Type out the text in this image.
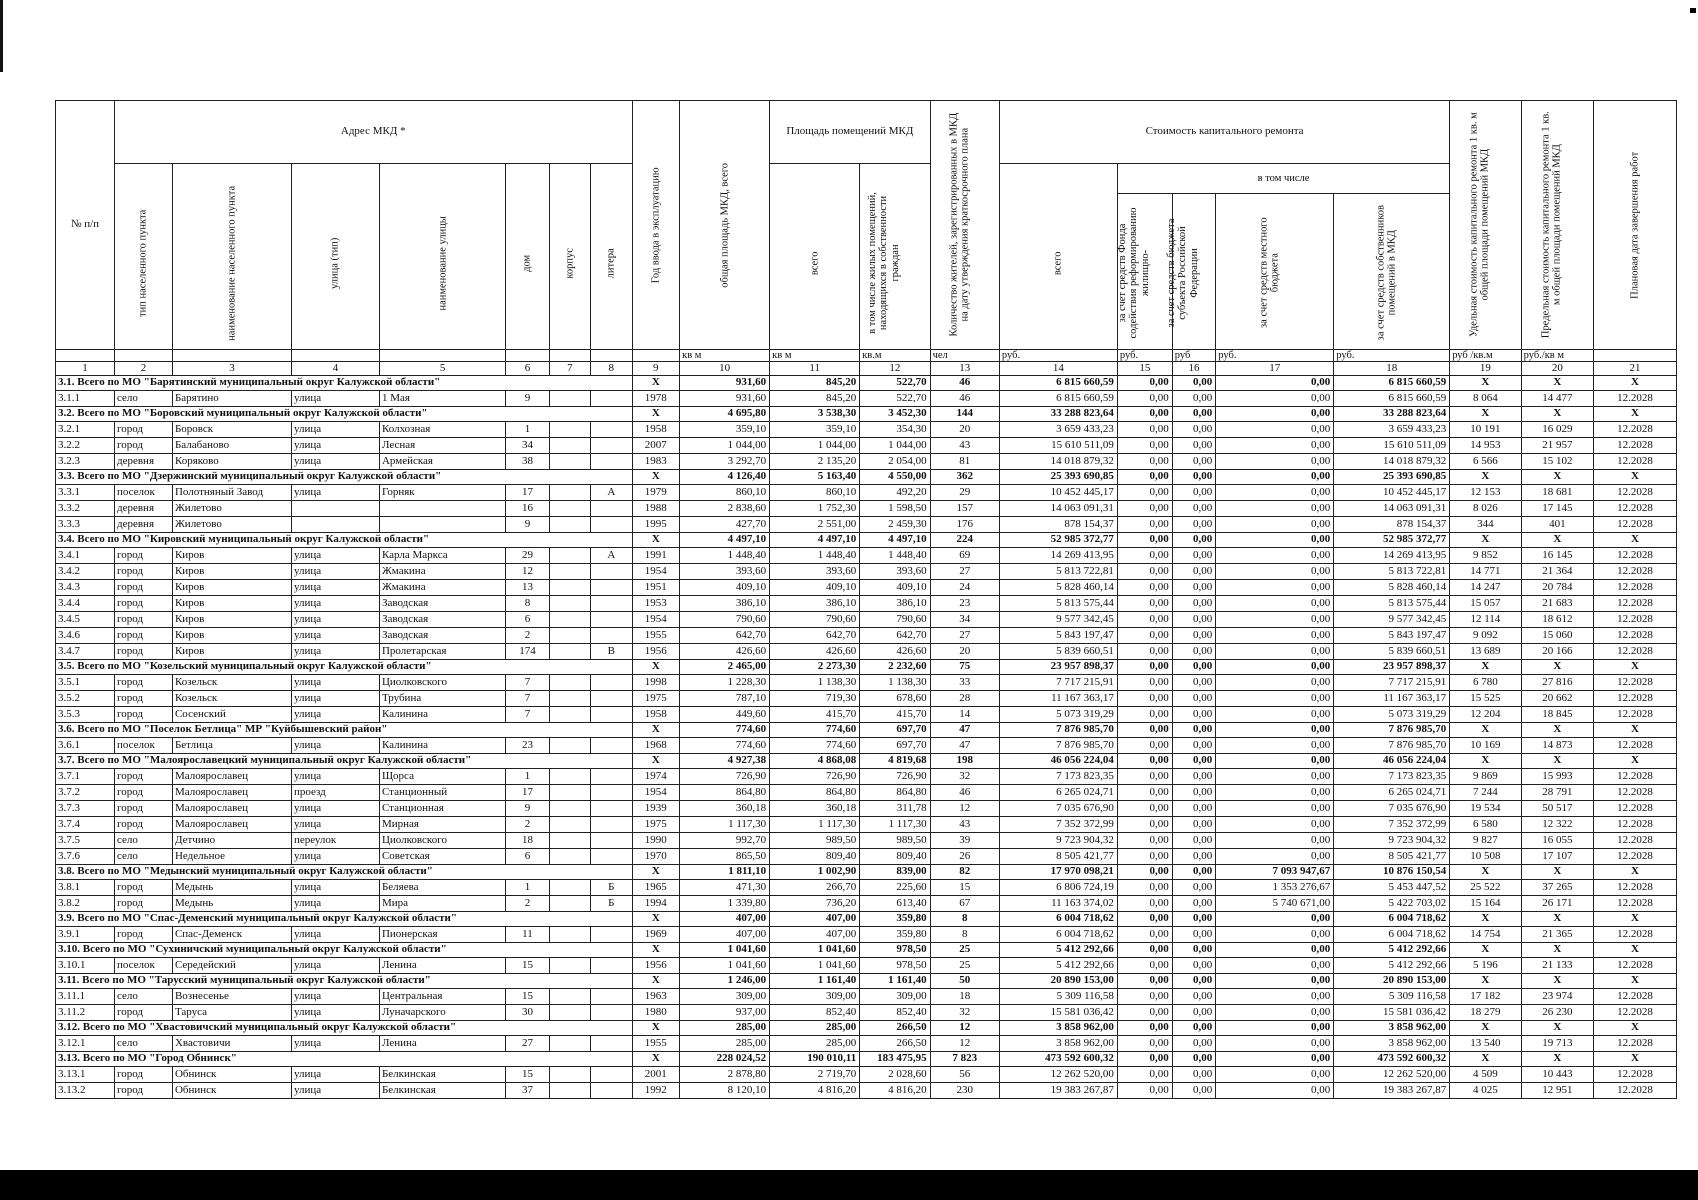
№ п/п	Адрес МКД *							Год ввода в эксплуатацию	общая площадь МКД, всего	Площадь помещений МКД		Количество жителей, зарегистрированных в МКД на дату утверждения краткосрочного плана	Стоимость капитального ремонта					Удельная стоимость капитального ремонта 1 кв. м общей площади помещений МКД	Предельная стоимость капитального ремонта 1 кв. м общей площади помещений МКД	Плановая дата завершения работ

	тип населенного пункта	наименование населенного пункта	улица (тип)	наименование улицы	дом	корпус	литера			всего	в том числе жилых помещений, находящихся в собственности граждан		всего	в том числе						

														за счет средств Фонда содействия реформированию жилищно-	за счет средств бюджета субъекта Российской Федерации	за счет средств местного бюджета	за счет средств собственников помещений в МКД			

									кв м	кв м	кв.м	чел	руб.	руб.	руб	руб.	руб.	руб /кв.м	руб./кв м	
1	2	3	4	5	6	7	8	9	10	11	12	13	14	15	16	17	18	19	20	21
3.1. Всего по МО "Барятинский муниципальный округ Калужской области"								X	931,60	845,20	522,70	46	6 815 660,59	0,00	0,00	0,00	6 815 660,59	X	X	X
3.1.1	село	Барятино	улица	1 Мая	9			1978	931,60	845,20	522,70	46	6 815 660,59	0,00	0,00	0,00	6 815 660,59	8 064	14 477	12.2028
3.2. Всего по МО "Боровский муниципальный округ Калужской области"								X	4 695,80	3 538,30	3 452,30	144	33 288 823,64	0,00	0,00	0,00	33 288 823,64	X	X	X
3.2.1	город	Боровск	улица	Колхозная	1			1958	359,10	359,10	354,30	20	3 659 433,23	0,00	0,00	0,00	3 659 433,23	10 191	16 029	12.2028
3.2.2	город	Балабаново	улица	Лесная	34			2007	1 044,00	1 044,00	1 044,00	43	15 610 511,09	0,00	0,00	0,00	15 610 511,09	14 953	21 957	12.2028
3.2.3	деревня	Коряково	улица	Армейская	38			1983	3 292,70	2 135,20	2 054,00	81	14 018 879,32	0,00	0,00	0,00	14 018 879,32	6 566	15 102	12.2028
3.3. Всего по МО "Дзержинский муниципальный округ Калужской области"								X	4 126,40	5 163,40	4 550,00	362	25 393 690,85	0,00	0,00	0,00	25 393 690,85	X	X	X
3.3.1	поселок	Полотняный Завод	улица	Горняк	17		А	1979	860,10	860,10	492,20	29	10 452 445,17	0,00	0,00	0,00	10 452 445,17	12 153	18 681	12.2028
3.3.2	деревня	Жилетово			16			1988	2 838,60	1 752,30	1 598,50	157	14 063 091,31	0,00	0,00	0,00	14 063 091,31	8 026	17 145	12.2028
3.3.3	деревня	Жилетово			9			1995	427,70	2 551,00	2 459,30	176	878 154,37	0,00	0,00	0,00	878 154,37	344	401	12.2028
3.4. Всего по МО "Кировский муниципальный округ Калужской области"								X	4 497,10	4 497,10	4 497,10	224	52 985 372,77	0,00	0,00	0,00	52 985 372,77	X	X	X
3.4.1	город	Киров	улица	Карла Маркса	29		А	1991	1 448,40	1 448,40	1 448,40	69	14 269 413,95	0,00	0,00	0,00	14 269 413,95	9 852	16 145	12.2028
3.4.2	город	Киров	улица	Жмакина	12			1954	393,60	393,60	393,60	27	5 813 722,81	0,00	0,00	0,00	5 813 722,81	14 771	21 364	12.2028
3.4.3	город	Киров	улица	Жмакина	13			1951	409,10	409,10	409,10	24	5 828 460,14	0,00	0,00	0,00	5 828 460,14	14 247	20 784	12.2028
3.4.4	город	Киров	улица	Заводская	8			1953	386,10	386,10	386,10	23	5 813 575,44	0,00	0,00	0,00	5 813 575,44	15 057	21 683	12.2028
3.4.5	город	Киров	улица	Заводская	6			1954	790,60	790,60	790,60	34	9 577 342,45	0,00	0,00	0,00	9 577 342,45	12 114	18 612	12.2028
3.4.6	город	Киров	улица	Заводская	2			1955	642,70	642,70	642,70	27	5 843 197,47	0,00	0,00	0,00	5 843 197,47	9 092	15 060	12.2028
3.4.7	город	Киров	улица	Пролетарская	174		В	1956	426,60	426,60	426,60	20	5 839 660,51	0,00	0,00	0,00	5 839 660,51	13 689	20 166	12.2028
3.5. Всего по МО "Козельский муниципальный округ Калужской области"								X	2 465,00	2 273,30	2 232,60	75	23 957 898,37	0,00	0,00	0,00	23 957 898,37	X	X	X
3.5.1	город	Козельск	улица	Циолковского	7			1998	1 228,30	1 138,30	1 138,30	33	7 717 215,91	0,00	0,00	0,00	7 717 215,91	6 780	27 816	12.2028
3.5.2	город	Козельск	улица	Трубина	7			1975	787,10	719,30	678,60	28	11 167 363,17	0,00	0,00	0,00	11 167 363,17	15 525	20 662	12.2028
3.5.3	город	Сосенский	улица	Калинина	7			1958	449,60	415,70	415,70	14	5 073 319,29	0,00	0,00	0,00	5 073 319,29	12 204	18 845	12.2028
3.6. Всего по МО "Поселок Бетлица" МР "Куйбышевский район"								X	774,60	774,60	697,70	47	7 876 985,70	0,00	0,00	0,00	7 876 985,70	X	X	X
3.6.1	поселок	Бетлица	улица	Калинина	23			1968	774,60	774,60	697,70	47	7 876 985,70	0,00	0,00	0,00	7 876 985,70	10 169	14 873	12.2028
3.7. Всего по МО "Малоярославецкий муниципальный округ Калужской области"								X	4 927,38	4 868,08	4 819,68	198	46 056 224,04	0,00	0,00	0,00	46 056 224,04	X	X	X
3.7.1	город	Малоярославец	улица	Щорса	1			1974	726,90	726,90	726,90	32	7 173 823,35	0,00	0,00	0,00	7 173 823,35	9 869	15 993	12.2028
3.7.2	город	Малоярославец	проезд	Станционный	17			1954	864,80	864,80	864,80	46	6 265 024,71	0,00	0,00	0,00	6 265 024,71	7 244	28 791	12.2028
3.7.3	город	Малоярославец	улица	Станционная	9			1939	360,18	360,18	311,78	12	7 035 676,90	0,00	0,00	0,00	7 035 676,90	19 534	50 517	12.2028
3.7.4	город	Малоярославец	улица	Мирная	2			1975	1 117,30	1 117,30	1 117,30	43	7 352 372,99	0,00	0,00	0,00	7 352 372,99	6 580	12 322	12.2028
3.7.5	село	Детчино	переулок	Циолковского	18			1990	992,70	989,50	989,50	39	9 723 904,32	0,00	0,00	0,00	9 723 904,32	9 827	16 055	12.2028
3.7.6	село	Недельное	улица	Советская	6			1970	865,50	809,40	809,40	26	8 505 421,77	0,00	0,00	0,00	8 505 421,77	10 508	17 107	12.2028
3.8. Всего по МО "Медынский муниципальный округ Калужской области"								X	1 811,10	1 002,90	839,00	82	17 970 098,21	0,00	0,00	7 093 947,67	10 876 150,54	X	X	X
3.8.1	город	Медынь	улица	Беляева	1		Б	1965	471,30	266,70	225,60	15	6 806 724,19	0,00	0,00	1 353 276,67	5 453 447,52	25 522	37 265	12.2028
3.8.2	город	Медынь	улица	Мира	2		Б	1994	1 339,80	736,20	613,40	67	11 163 374,02	0,00	0,00	5 740 671,00	5 422 703,02	15 164	26 171	12.2028
3.9. Всего по МО "Спас-Деменский муниципальный округ Калужской области"								X	407,00	407,00	359,80	8	6 004 718,62	0,00	0,00	0,00	6 004 718,62	X	X	X
3.9.1	город	Спас-Деменск	улица	Пионерская	11			1969	407,00	407,00	359,80	8	6 004 718,62	0,00	0,00	0,00	6 004 718,62	14 754	21 365	12.2028
3.10. Всего по МО "Сухиничский муниципальный округ Калужской области"								X	1 041,60	1 041,60	978,50	25	5 412 292,66	0,00	0,00	0,00	5 412 292,66	X	X	X
3.10.1	поселок	Середейский	улица	Ленина	15			1956	1 041,60	1 041,60	978,50	25	5 412 292,66	0,00	0,00	0,00	5 412 292,66	5 196	21 133	12.2028
3.11. Всего по МО "Тарусский муниципальный округ Калужской области"								X	1 246,00	1 161,40	1 161,40	50	20 890 153,00	0,00	0,00	0,00	20 890 153,00	X	X	X
3.11.1	село	Вознесенье	улица	Центральная	15			1963	309,00	309,00	309,00	18	5 309 116,58	0,00	0,00	0,00	5 309 116,58	17 182	23 974	12.2028
3.11.2	город	Таруса	улица	Луначарского	30			1980	937,00	852,40	852,40	32	15 581 036,42	0,00	0,00	0,00	15 581 036,42	18 279	26 230	12.2028
3.12. Всего по МО "Хвастовичский муниципальный округ Калужской области"								X	285,00	285,00	266,50	12	3 858 962,00	0,00	0,00	0,00	3 858 962,00	X	X	X
3.12.1	село	Хвастовичи	улица	Ленина	27			1955	285,00	285,00	266,50	12	3 858 962,00	0,00	0,00	0,00	3 858 962,00	13 540	19 713	12.2028
3.13. Всего по МО "Город Обнинск"								X	228 024,52	190 010,11	183 475,95	7 823	473 592 600,32	0,00	0,00	0,00	473 592 600,32	X	X	X
3.13.1	город	Обнинск	улица	Белкинская	15			2001	2 878,80	2 719,70	2 028,60	56	12 262 520,00	0,00	0,00	0,00	12 262 520,00	4 509	10 443	12.2028
3.13.2	город	Обнинск	улица	Белкинская	37			1992	8 120,10	4 816,20	4 816,20	230	19 383 267,87	0,00	0,00	0,00	19 383 267,87	4 025	12 951	12.2028
